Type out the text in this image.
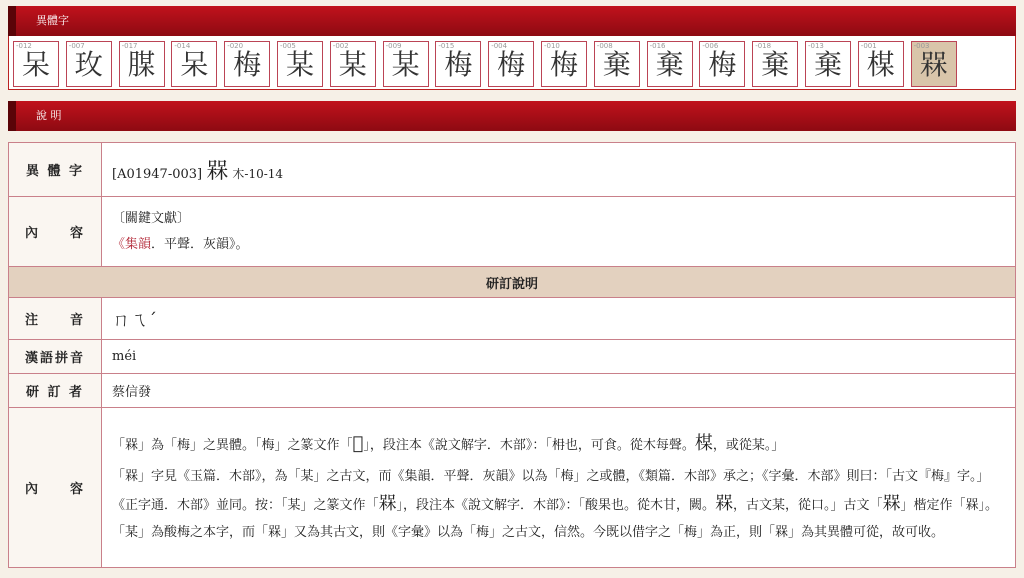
異體字
-012
呆
-007
玫
-017
腜
-014
呆
-020
梅
-005
某
-002
某
-009
某
-015
梅
-004
梅
-010
梅
-008
棄
-016
棄
-006
梅
-018
棄
-013
棄
-001
楳
-003
槑
說 明
異 體 字	[A01947-003] 槑 木-10-14
內　　容	〔關鍵文獻〕
《集韻．平聲．灰韻》。

研訂說明	
注　　音	ㄇㄟˊ
漢語拼音	méi
研 訂 者	蔡信發
內　　容	「槑」為「梅」之異體。「梅」之篆文作「𣓿」，段注本《說文解字．木部》：「枏也，可食。從木每聲。楳，或從某。」

「槑」字見《玉篇．木部》，為「某」之古文，而《集韻．平聲．灰韻》以為「梅」之或體，《類篇．木部》承之；《字彙．木部》則曰：「古文『梅』字。」《正字通．木部》並同。按：「某」之篆文作「槑」，段注本《說文解字．木部》：「酸果也。從木甘，闕。槑，古文某，從口。」古文「槑」楷定作「槑」。「某」為酸梅之本字，而「槑」又為其古文，則《字彙》以為「梅」之古文，信然。今既以借字之「梅」為正，則「槑」為其異體可從，故可收。
